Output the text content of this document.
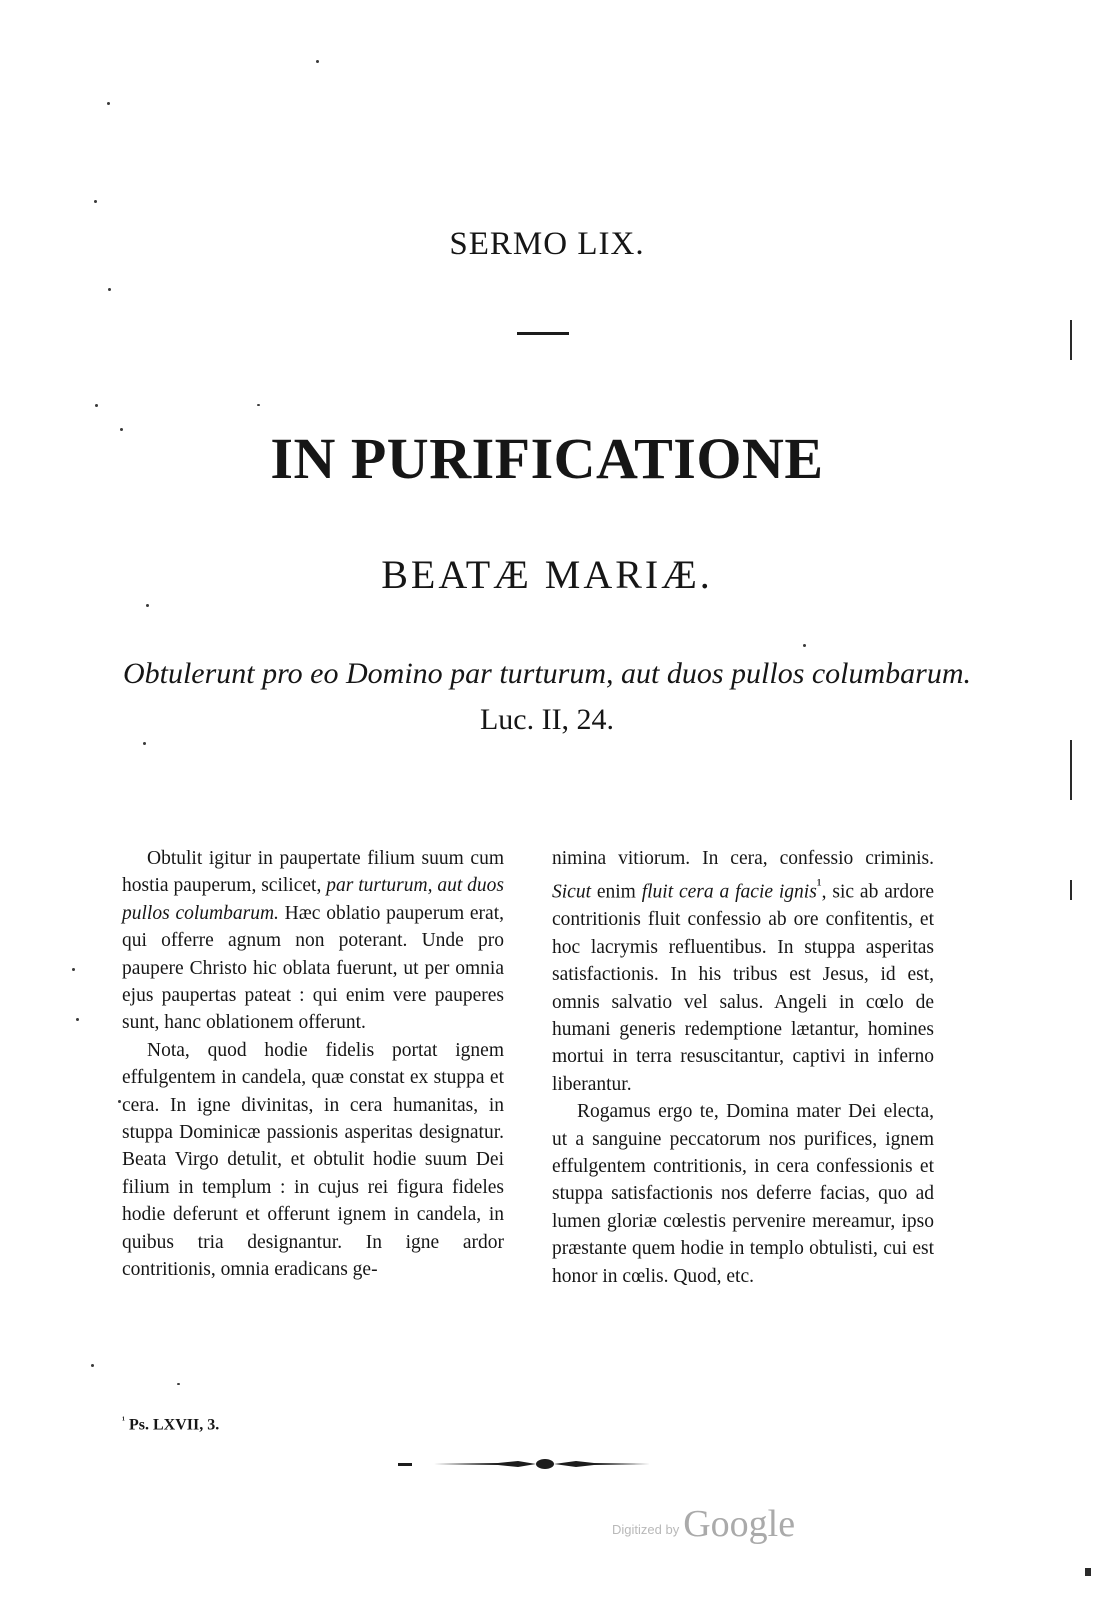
SERMO LIX.
IN PURIFICATIONE
BEATÆ MARIÆ.
Obtulerunt pro eo Domino par turturum, aut duos pullos columbarum. Luc. II, 24.

Obtulit igitur in paupertate filium suum cum hostia pauperum, scilicet, par turturum, aut duos pullos columbarum. Hæc oblatio pauperum erat, qui offerre agnum non poterant. Unde pro paupere Christo hic oblata fuerunt, ut per omnia ejus paupertas pateat : qui enim vere pauperes sunt, hanc oblationem offerunt.

Nota, quod hodie fidelis portat ignem effulgentem in candela, quæ constat ex stuppa et cera. In igne divinitas, in cera humanitas, in stuppa Dominicæ passionis asperitas designatur. Beata Virgo detulit, et obtulit hodie suum Dei filium in templum : in cujus rei figura fideles hodie deferunt et offerunt ignem in candela, in quibus tria designantur. In igne ardor contritionis, omnia eradicans ge-

nimina vitiorum. In cera, confessio criminis. Sicut enim fluit cera a facie ignis$^{^1}$, sic ab ardore contritionis fluit confessio ab ore confitentis, et hoc lacrymis refluentibus. In stuppa asperitas satisfactionis. In his tribus est Jesus, id est, omnis salvatio vel salus. Angeli in cœlo de humani generis redemptione lætantur, homines mortui in terra resuscitantur, captivi in inferno liberantur.

Rogamus ergo te, Domina mater Dei electa, ut a sanguine peccatorum nos purifices, ignem effulgentem contritionis, in cera confessionis et stuppa satisfactionis nos deferre facias, quo ad lumen gloriæ cœlestis pervenire mereamur, ipso præstante quem hodie in templo obtulisti, cui est honor in cœlis. Quod, etc.

$^{^1}$ Ps. LXVII, 3.
Digitized by Google
